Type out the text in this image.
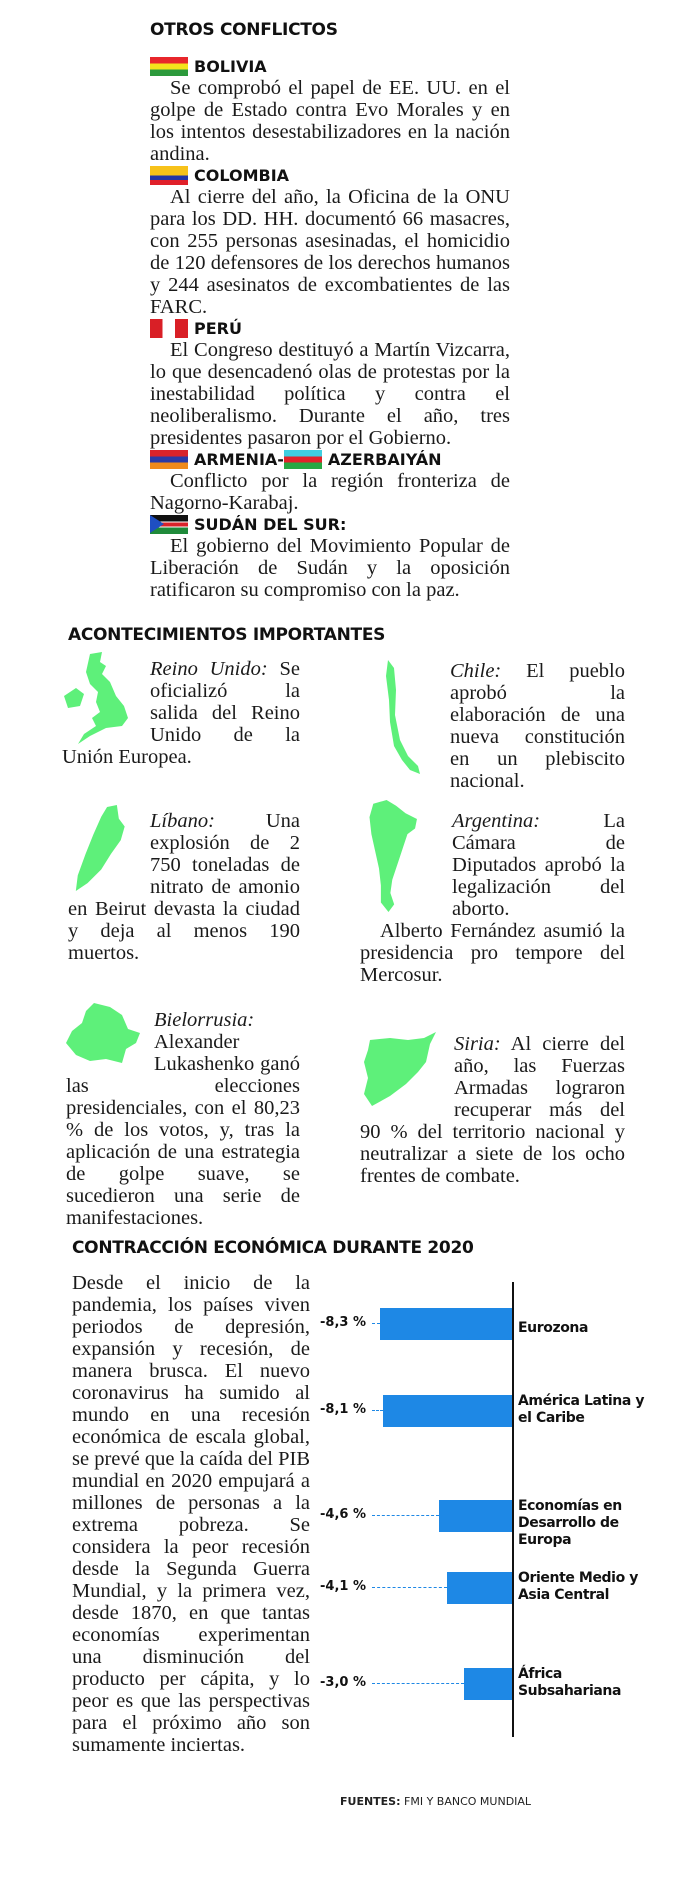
OTROS CONFLICTOS
BOLIVIA

Se comprobó el papel de EE. UU. en el golpe de Estado contra Evo Morales y en los intentos desestabilizadores en la nación andina.

COLOMBIA

Al cierre del año, la Oficina de la ONU para los DD. HH. documentó 66 masacres, con 255 personas asesinadas, el homicidio de 120 defensores de los derechos humanos y 244 asesinatos de excombatientes de las FARC.

PERÚ

El Congreso destituyó a Martín Vizcarra, lo que desencadenó olas de protestas por la inestabilidad política y contra el neoliberalismo. Durante el año, tres presidentes pasaron por el Gobierno.

ARMENIA-	AZERBAIYÁN

Conflicto por la región fronteriza de Nagorno-Karabaj.

SUDÁN DEL SUR:

El gobierno del Movimiento Popular de Liberación de Sudán y la oposición ratificaron su compromiso con la paz.

ACONTECIMIENTOS IMPORTANTES

Reino Unido: Se oficializó la salida del Reino Unido de la Unión Europea.

Chile: El pueblo aprobó la elaboración de una nueva constitución en un plebiscito nacional.

Líbano: Una explosión de 2 750 toneladas de nitrato de amonio en Beirut devasta la ciudad y deja al menos 190 muertos.

Argentina: La Cámara de Diputados aprobó la legalización del aborto.

Alberto Fernández asumió la presidencia pro tempore del Mercosur.

Bielorrusia: Alexander Lukashenko ganó las elecciones presidenciales, con el 80,23 % de los votos, y, tras la aplicación de una estrategia de golpe suave, se sucedieron una serie de manifestaciones.

Siria: Al cierre del año, las Fuerzas Armadas lograron recuperar más del 90 % del territorio nacional y neutralizar a siete de los ocho frentes de combate.

CONTRACCIÓN ECONÓMICA DURANTE 2020

Desde el inicio de la pandemia, los países viven periodos de depresión, expansión y recesión, de manera brusca. El nuevo coronavirus ha sumido al mundo en una recesión económica de escala global, se prevé que la caída del PIB mundial en 2020 empujará a millones de personas a la extrema pobreza. Se considera la peor recesión desde la Segunda Guerra Mundial, y la primera vez, desde 1870, en que tantas economías experimentan una disminución del producto per cápita, y lo peor es que las perspectivas para el próximo año son sumamente inciertas.

FUENTES: FMI Y BANCO MUNDIAL
-8,3 %	Eurozona
-8,1 %
América Latina y el Caribe
-4,6 %
Economías en Desarrollo de Europa
-4,1 %
Oriente Medio y Asia Central
-3,0 %
África Subsahariana
